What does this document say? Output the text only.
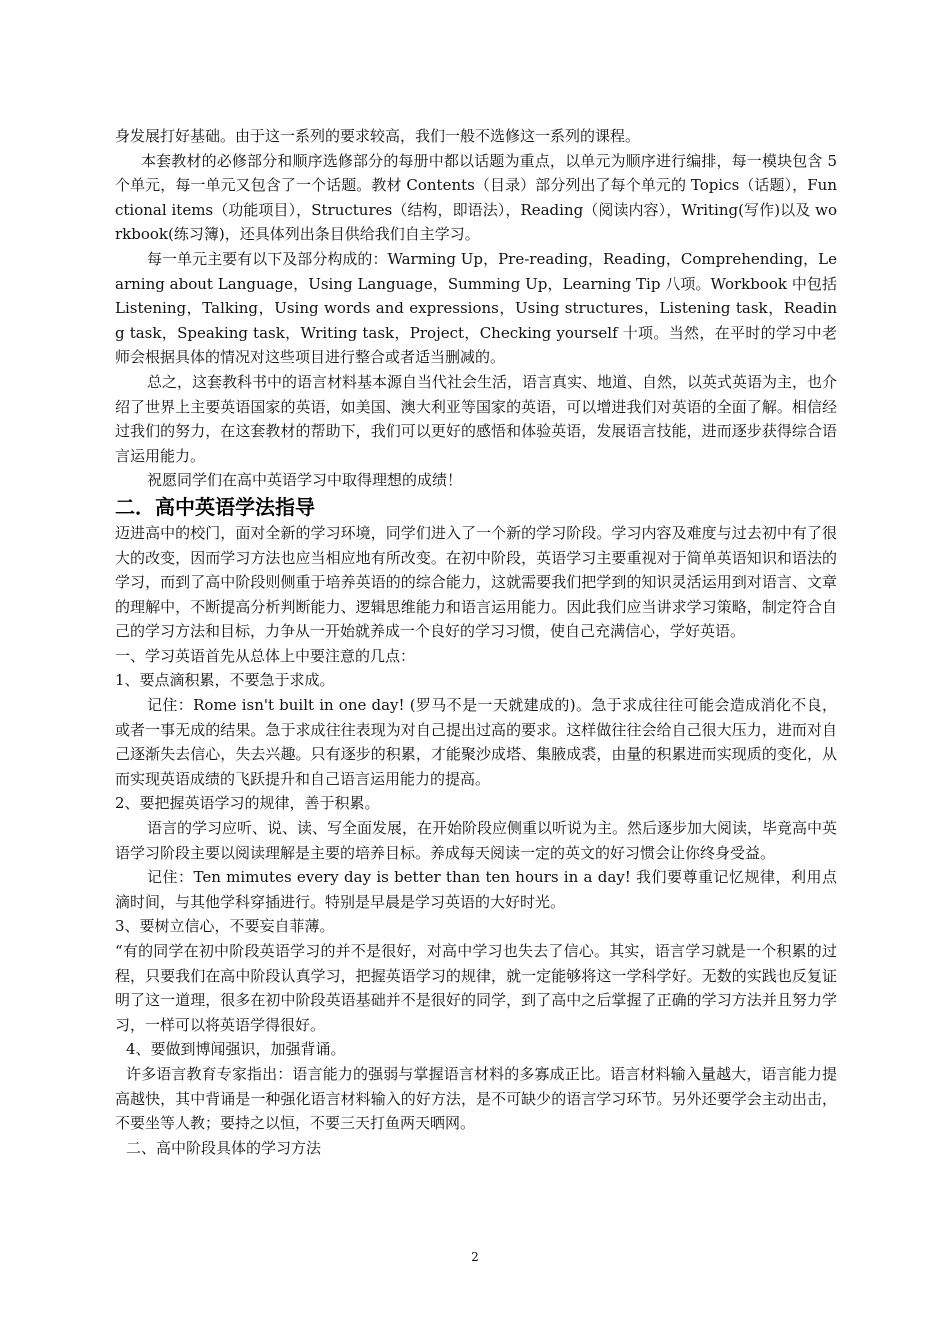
身发展打好基础。由于这一系列的要求较高，我们一般不选修这一系列的课程。

本套教材的必修部分和顺序选修部分的每册中都以话题为重点，以单元为顺序进行编排，每一模块包含 5 个单元，每一单元又包含了一个话题。教材 Contents（目录）部分列出了每个单元的 Topics（话题），Functional items（功能项目），Structures（结构，即语法），Reading（阅读内容），Writing(写作)以及 workbook(练习簿)，还具体列出条目供给我们自主学习。

每一单元主要有以下及部分构成的：Warming Up，Pre-reading，Reading，Comprehending，Learning about Language，Using Language，Summing Up，Learning Tip 八项。Workbook 中包括 Listening，Talking，Using words and expressions，Using structures，Listening task，Reading task，Speaking task，Writing task，Project，Checking yourself 十项。当然，在平时的学习中老师会根据具体的情况对这些项目进行整合或者适当删减的。

总之，这套教科书中的语言材料基本源自当代社会生活，语言真实、地道、自然，以英式英语为主，也介绍了世界上主要英语国家的英语，如美国、澳大利亚等国家的英语，可以增进我们对英语的全面了解。相信经过我们的努力，在这套教材的帮助下，我们可以更好的感悟和体验英语，发展语言技能，进而逐步获得综合语言运用能力。

祝愿同学们在高中英语学习中取得理想的成绩！

二．高中英语学法指导

迈进高中的校门，面对全新的学习环境，同学们进入了一个新的学习阶段。学习内容及难度与过去初中有了很大的改变，因而学习方法也应当相应地有所改变。在初中阶段，英语学习主要重视对于简单英语知识和语法的学习，而到了高中阶段则侧重于培养英语的的综合能力，这就需要我们把学到的知识灵活运用到对语言、文章的理解中，不断提高分析判断能力、逻辑思维能力和语言运用能力。因此我们应当讲求学习策略，制定符合自己的学习方法和目标，力争从一开始就养成一个良好的学习习惯，使自己充满信心，学好英语。

一、学习英语首先从总体上中要注意的几点：

1、要点滴积累，不要急于求成。

记住：Rome isn't built in one day! (罗马不是一天就建成的)。急于求成往往可能会造成消化不良，或者一事无成的结果。急于求成往往表现为对自己提出过高的要求。这样做往往会给自己很大压力，进而对自己逐渐失去信心，失去兴趣。只有逐步的积累，才能聚沙成塔、集腋成裘，由量的积累进而实现质的变化，从而实现英语成绩的飞跃提升和自己语言运用能力的提高。

2、要把握英语学习的规律，善于积累。

语言的学习应听、说、读、写全面发展，在开始阶段应侧重以听说为主。然后逐步加大阅读，毕竟高中英语学习阶段主要以阅读理解是主要的培养目标。养成每天阅读一定的英文的好习惯会让你终身受益。

记住：Ten mimutes every day is better than ten hours in a day! 我们要尊重记忆规律，利用点滴时间，与其他学科穿插进行。特别是早晨是学习英语的大好时光。

3、要树立信心，不要妄自菲薄。

“有的同学在初中阶段英语学习的并不是很好，对高中学习也失去了信心。其实，语言学习就是一个积累的过程，只要我们在高中阶段认真学习，把握英语学习的规律，就一定能够将这一学科学好。无数的实践也反复证明了这一道理，很多在初中阶段英语基础并不是很好的同学，到了高中之后掌握了正确的学习方法并且努力学习，一样可以将英语学得很好。

4、要做到博闻强识，加强背诵。

许多语言教育专家指出：语言能力的强弱与掌握语言材料的多寡成正比。语言材料输入量越大，语言能力提高越快，其中背诵是一种强化语言材料输入的好方法，是不可缺少的语言学习环节。另外还要学会主动出击，不要坐等人教；要持之以恒，不要三天打鱼两天晒网。

二、高中阶段具体的学习方法

2
